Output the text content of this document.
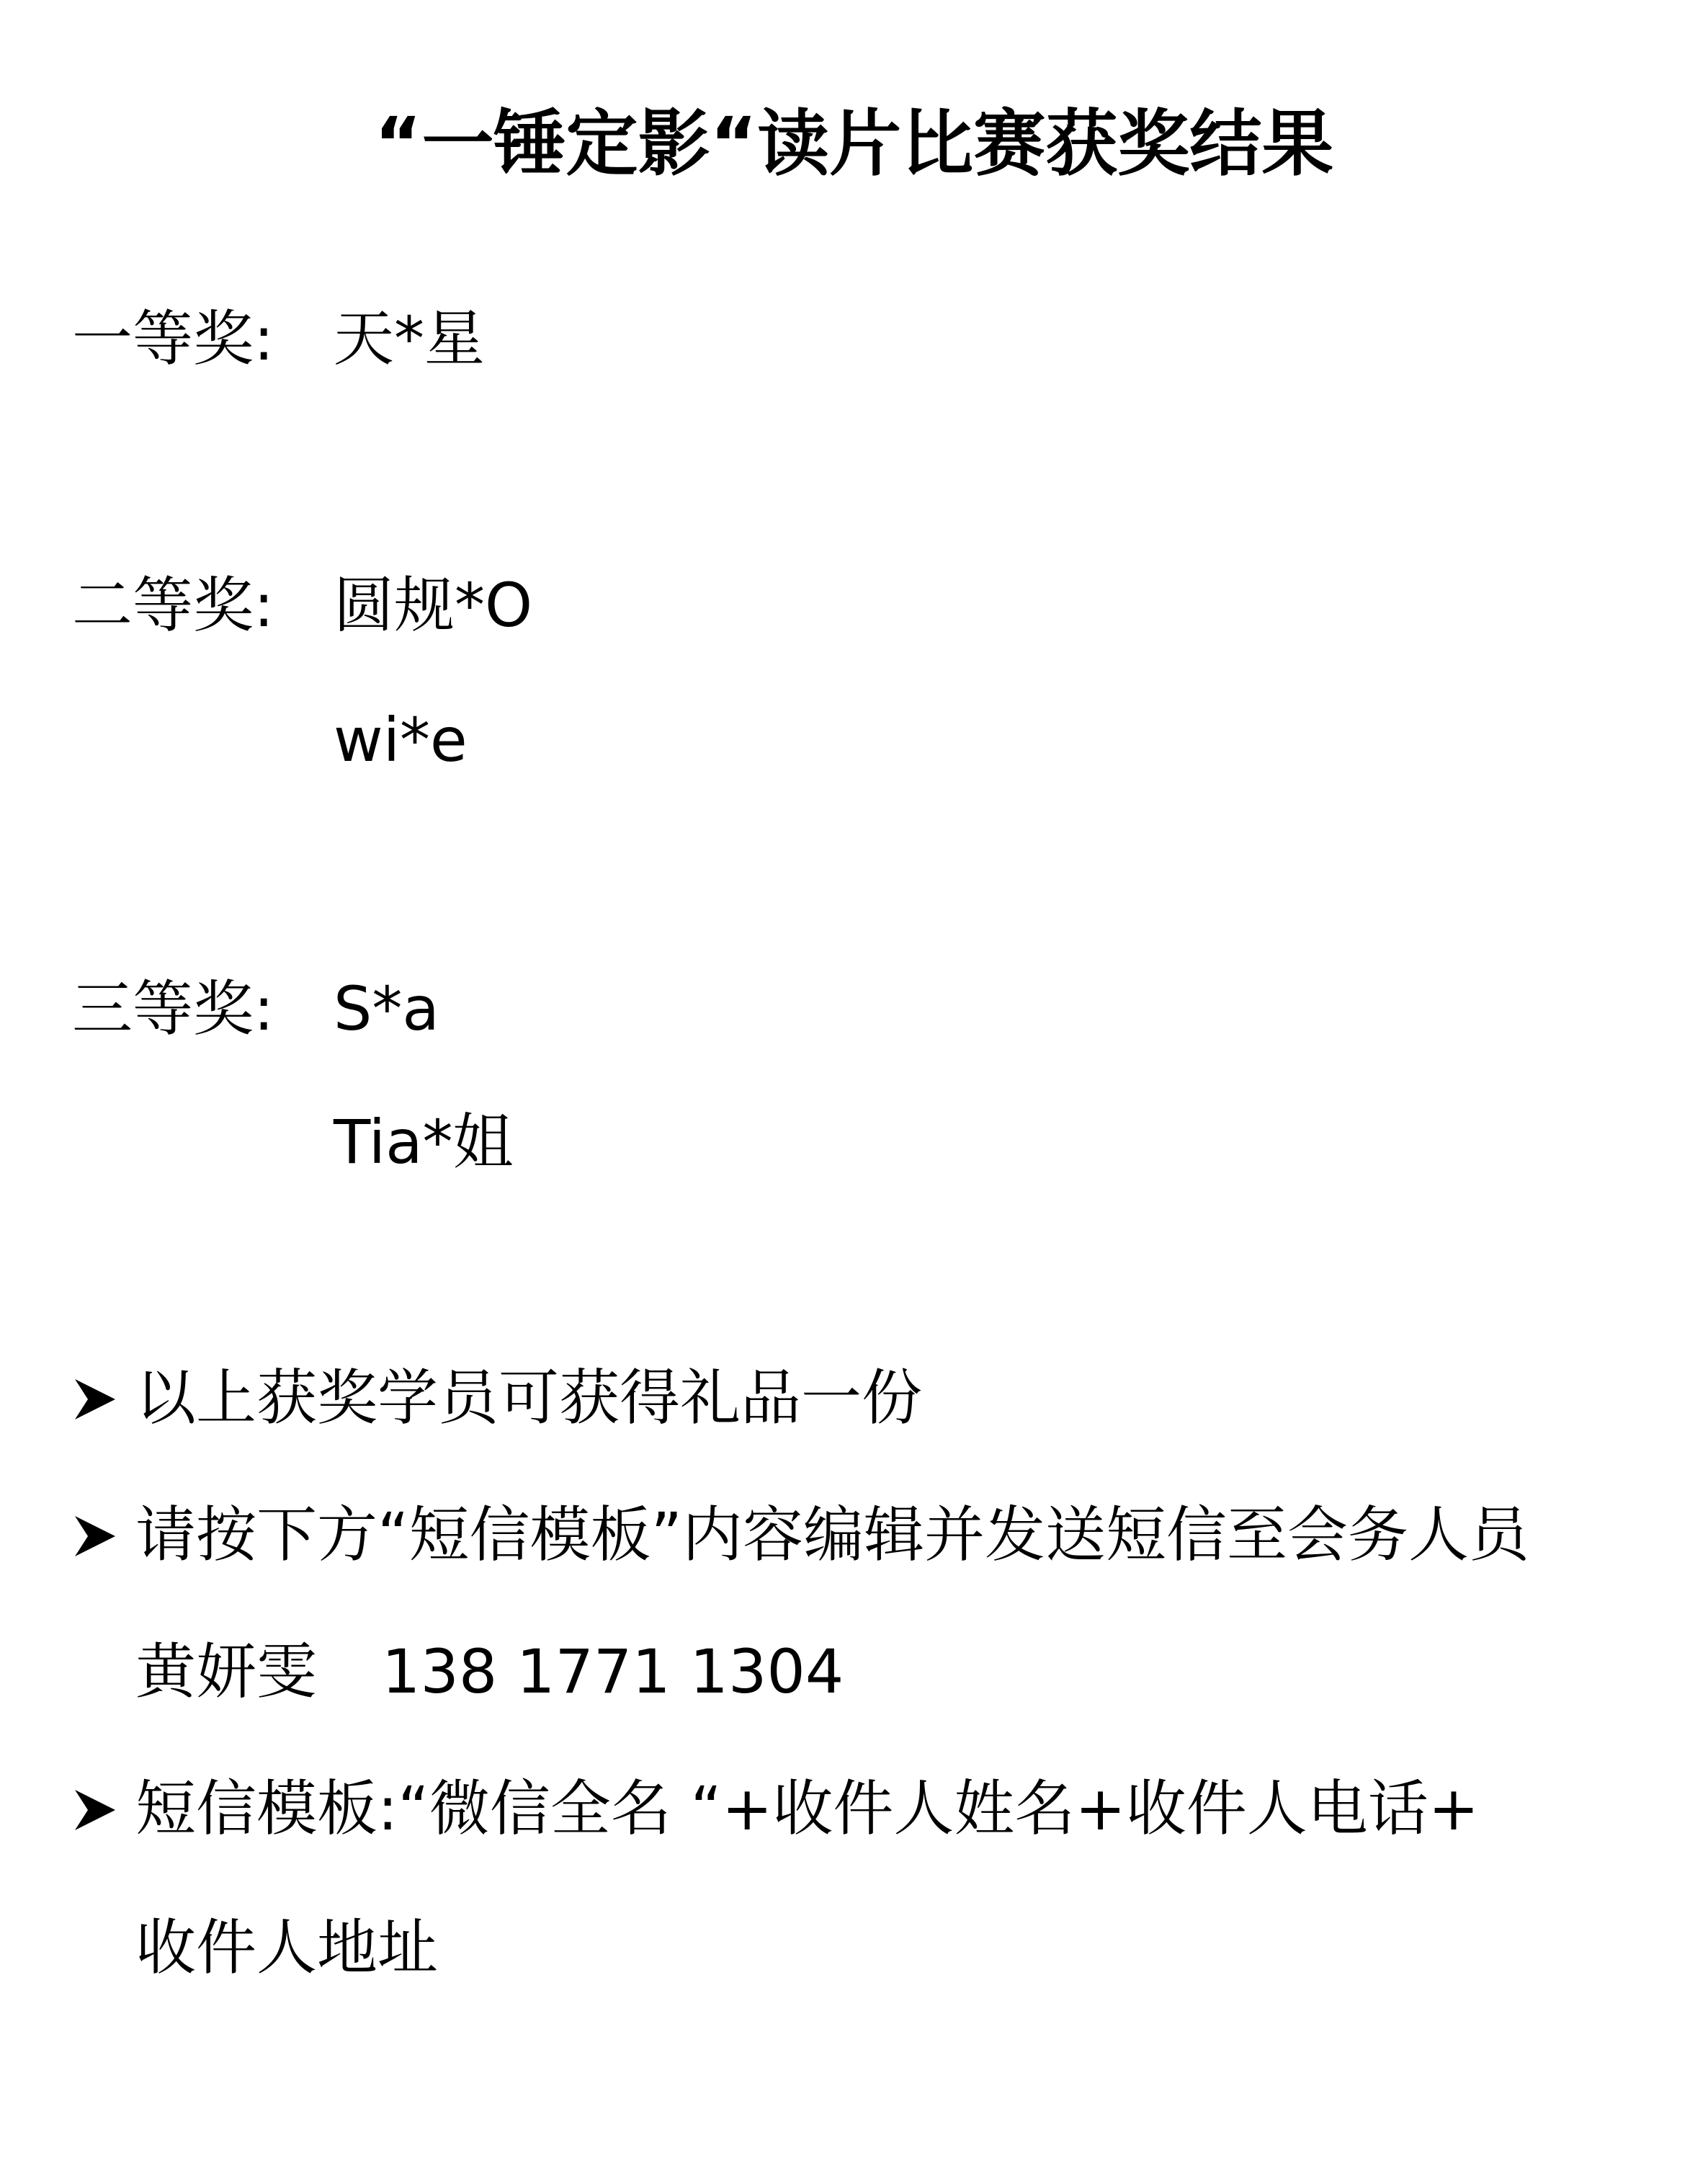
“一锤定影“读片比赛获奖结果
一等奖: 天*星
二等奖: 圆规*O
wi*e
三等奖: S*a
Tia*姐
以上获奖学员可获得礼品一份
请按下方“短信模板”内容编辑并发送短信至会务人员
黄妍雯 138 1771 1304
短信模板:“微信全名 “+收件人姓名+收件人电话+
收件人地址
